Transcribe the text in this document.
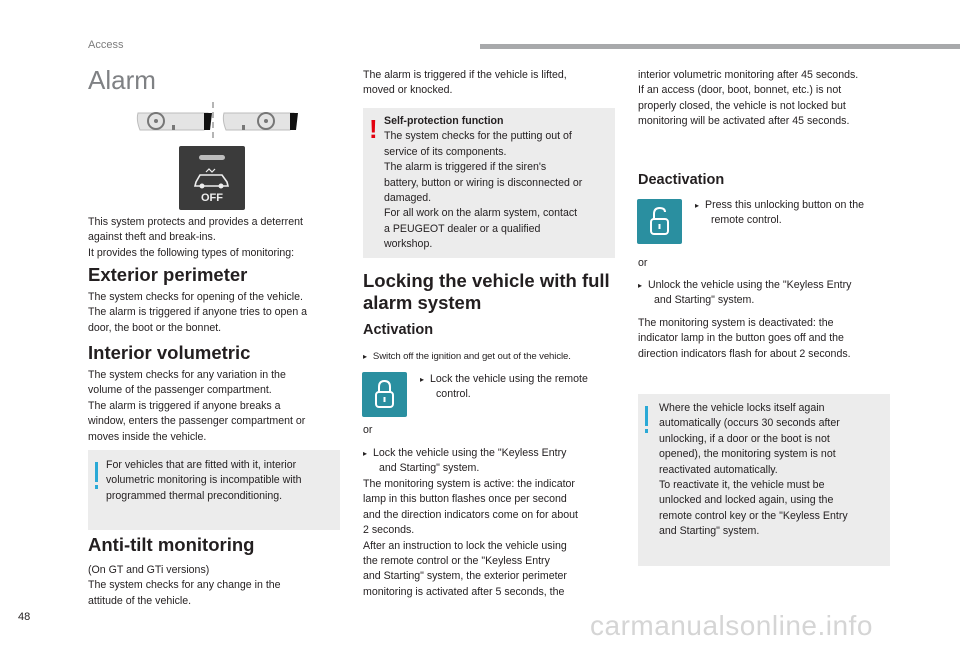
Access
Alarm
OFF

This system protects and provides a deterrent

against theft and break-ins.

It provides the following types of monitoring:

Exterior perimeter

The system checks for opening of the vehicle.

The alarm is triggered if anyone tries to open a

door, the boot or the bonnet.

Interior volumetric

The system checks for any variation in the

volume of the passenger compartment.

The alarm is triggered if anyone breaks a

window, enters the passenger compartment or

moves inside the vehicle.

For vehicles that are fitted with it, interior

volumetric monitoring is incompatible with

programmed thermal preconditioning.

Anti-tilt monitoring

(On GT and GTi versions)

The system checks for any change in the

attitude of the vehicle.

The alarm is triggered if the vehicle is lifted,

moved or knocked.

! Self-protection function

The system checks for the putting out of

service of its components.

The alarm is triggered if the siren's

battery, button or wiring is disconnected or

damaged.

For all work on the alarm system, contact

a PEUGEOT dealer or a qualified

workshop.

Locking the vehicle with full
alarm system
Activation
▸ Switch off the ignition and get out of the vehicle.

▸ Lock the vehicle using the remote

control.

or

▸ Lock the vehicle using the "Keyless Entry

and Starting" system.

The monitoring system is active: the indicator

lamp in this button flashes once per second

and the direction indicators come on for about

2 seconds.

After an instruction to lock the vehicle using

the remote control or the "Keyless Entry

and Starting" system, the exterior perimeter

monitoring is activated after 5 seconds, the

interior volumetric monitoring after 45 seconds.

If an access (door, boot, bonnet, etc.) is not

properly closed, the vehicle is not locked but

monitoring will be activated after 45 seconds.

Deactivation

▸ Press this unlocking button on the

remote control.

or

▸ Unlock the vehicle using the "Keyless Entry

and Starting" system.

The monitoring system is deactivated: the

indicator lamp in the button goes off and the

direction indicators flash for about 2 seconds.

Where the vehicle locks itself again

automatically (occurs 30 seconds after

unlocking, if a door or the boot is not

opened), the monitoring system is not

reactivated automatically.

To reactivate it, the vehicle must be

unlocked and locked again, using the

remote control key or the "Keyless Entry

and Starting" system.

48	carmanualsonline.info
